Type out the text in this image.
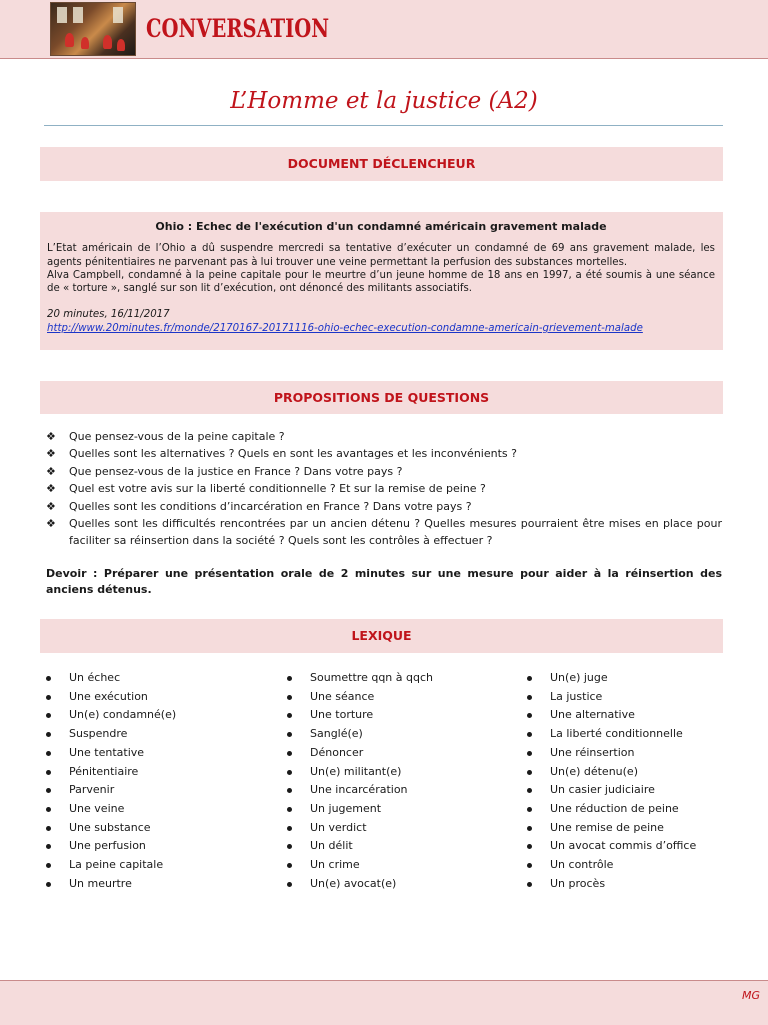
CONVERSATION
L’Homme et la justice (A2)
DOCUMENT DÉCLENCHEUR
Ohio : Echec de l'exécution d'un condamné américain gravement malade

L’Etat américain de l’Ohio a dû suspendre mercredi sa tentative d’exécuter un condamné de 69 ans gravement malade, les agents pénitentiaires ne parvenant pas à lui trouver une veine permettant la perfusion des substances mortelles.

Alva Campbell, condamné à la peine capitale pour le meurtre d’un jeune homme de 18 ans en 1997, a été soumis à une séance de « torture », sanglé sur son lit d’exécution, ont dénoncé des militants associatifs.

20 minutes, 16/11/2017
http://www.20minutes.fr/monde/2170167-20171116-ohio-echec-execution-condamne-americain-grievement-malade
PROPOSITIONS DE QUESTIONS
❖ Que pensez-vous de la peine capitale ?
❖ Quelles sont les alternatives ? Quels en sont les avantages et les inconvénients ?
❖ Que pensez-vous de la justice en France ? Dans votre pays ?
❖ Quel est votre avis sur la liberté conditionnelle ? Et sur la remise de peine ?
❖ Quelles sont les conditions d’incarcération en France ? Dans votre pays ?
❖ Quelles sont les difficultés rencontrées par un ancien détenu ? Quelles mesures pourraient être mises en place pour faciliter sa réinsertion dans la société ? Quels sont les contrôles à effectuer ?
Devoir : Préparer une présentation orale de 2 minutes sur une mesure pour aider à la réinsertion des anciens détenus.
LEXIQUE
Un échec
Une exécution
Un(e) condamné(e)
Suspendre
Une tentative
Pénitentiaire
Parvenir
Une veine
Une substance
Une perfusion
La peine capitale
Un meurtre
Soumettre qqn à qqch
Une séance
Une torture
Sanglé(e)
Dénoncer
Un(e) militant(e)
Une incarcération
Un jugement
Un verdict
Un délit
Un crime
Un(e) avocat(e)
Un(e) juge
La justice
Une alternative
La liberté conditionnelle
Une réinsertion
Un(e) détenu(e)
Un casier judiciaire
Une réduction de peine
Une remise de peine
Un avocat commis d’office
Un contrôle
Un procès
MG
